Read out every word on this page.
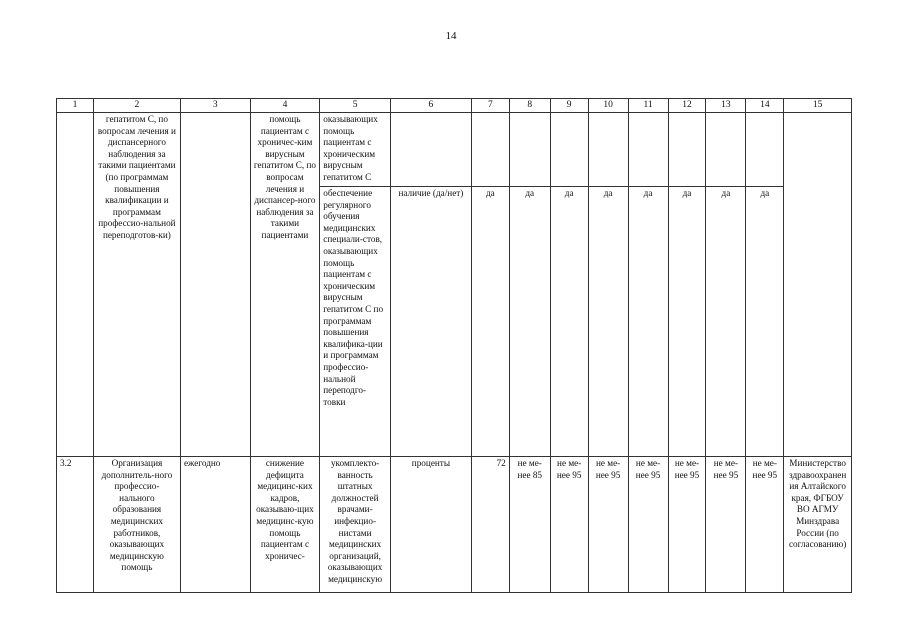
14
1	2	3	4	5	6	7	8	9	10	11	12	13	14	15
	гепатитом С, по вопросам лечения и диспансерного наблюдения за такими пациентами (по программам повышения квалификации и программам профессио-нальной переподготов-ки)		помощь пациентам с хроничес-ким вирусным гепатитом С, по вопросам лечения и диспансер-ного наблюдения за такими пациентами	оказывающих помощь пациентам с хроническим вирусным гепатитом С										
				обеспечение регулярного обучения медицинских специали-стов, оказывающих помощь пациентам с хроническим вирусным гепатитом С по программам повышения квалифика-ции и программам профессио-нальной переподго-товки	наличие (да/нет)	да	да	да	да	да	да	да	да	
3.2	Организация дополнитель-ного профессио-нального образования медицинских работников, оказывающих медицинскую помощь	ежегодно	снижение дефицита медицинс-ких кадров, оказываю-щих медицинс-кую помощь пациентам с хроничес-	укомплекто-ванность штатных должностей врачами-инфекцио-нистами медицинских организаций, оказывающих медицинскую	проценты	72	не ме-нее 85	не ме-нее 95	не ме-нее 95	не ме-нее 95	не ме-нее 95	не ме-нее 95	не ме-нее 95	Министерство здравоохранения Алтайского края, ФГБОУ ВО АГМУ Минздрава России (по согласованию)
